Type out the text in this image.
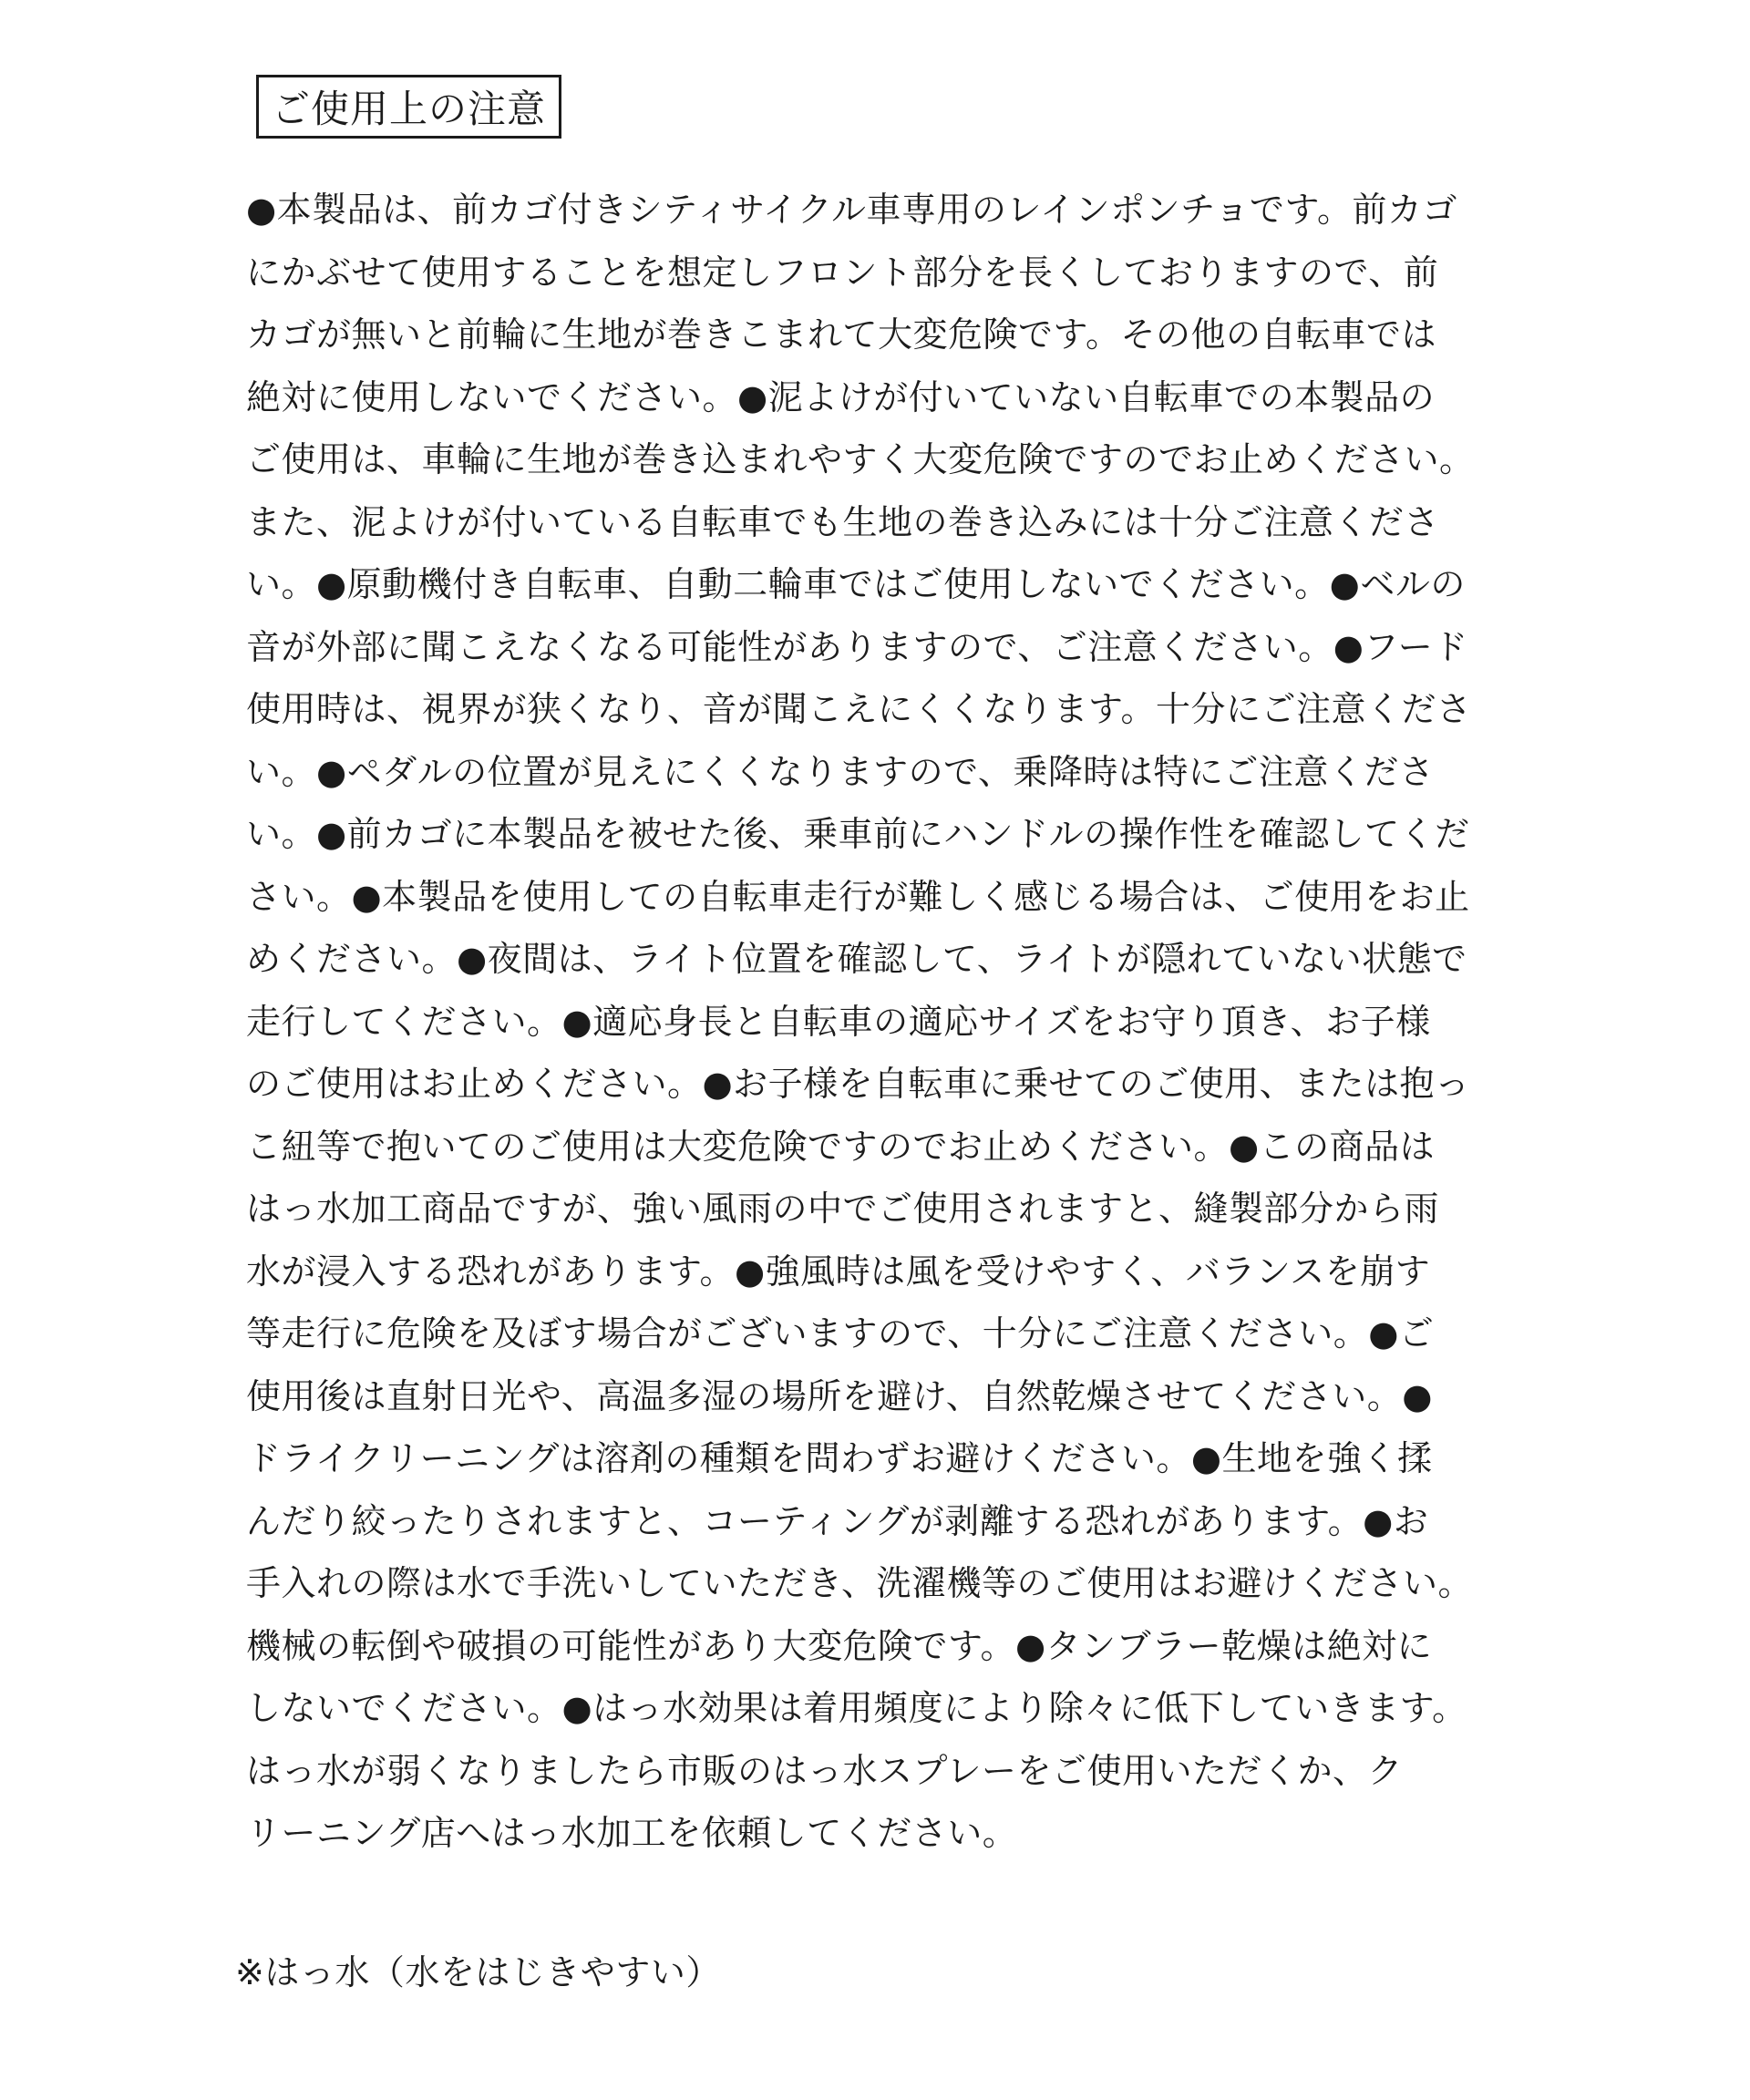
ご使用上の注意
●本製品は、前カゴ付きシティサイクル車専用のレインポンチョです。前カゴ
にかぶせて使用することを想定しフロント部分を長くしておりますので、前
カゴが無いと前輪に生地が巻きこまれて大変危険です。その他の自転車では
絶対に使用しないでください。●泥よけが付いていない自転車での本製品の
ご使用は、車輪に生地が巻き込まれやすく大変危険ですのでお止めください。
また、泥よけが付いている自転車でも生地の巻き込みには十分ご注意くださ
い。●原動機付き自転車、自動二輪車ではご使用しないでください。●ベルの
音が外部に聞こえなくなる可能性がありますので、ご注意ください。●フード
使用時は、視界が狭くなり、音が聞こえにくくなります。十分にご注意くださ
い。●ペダルの位置が見えにくくなりますので、乗降時は特にご注意くださ
い。●前カゴに本製品を被せた後、乗車前にハンドルの操作性を確認してくだ
さい。●本製品を使用しての自転車走行が難しく感じる場合は、ご使用をお止
めください。●夜間は、ライト位置を確認して、ライトが隠れていない状態で
走行してください。●適応身長と自転車の適応サイズをお守り頂き、お子様
のご使用はお止めください。●お子様を自転車に乗せてのご使用、または抱っ
こ紐等で抱いてのご使用は大変危険ですのでお止めください。●この商品は
はっ水加工商品ですが、強い風雨の中でご使用されますと、縫製部分から雨
水が浸入する恐れがあります。●強風時は風を受けやすく、バランスを崩す
等走行に危険を及ぼす場合がございますので、十分にご注意ください。●ご
使用後は直射日光や、高温多湿の場所を避け、自然乾燥させてください。●
ドライクリーニングは溶剤の種類を問わずお避けください。●生地を強く揉
んだり絞ったりされますと、コーティングが剥離する恐れがあります。●お
手入れの際は水で手洗いしていただき、洗濯機等のご使用はお避けください。
機械の転倒や破損の可能性があり大変危険です。●タンブラー乾燥は絶対に
しないでください。●はっ水効果は着用頻度により除々に低下していきます。
はっ水が弱くなりましたら市販のはっ水スプレーをご使用いただくか、ク
リーニング店へはっ水加工を依頼してください。
※はっ水（水をはじきやすい）
